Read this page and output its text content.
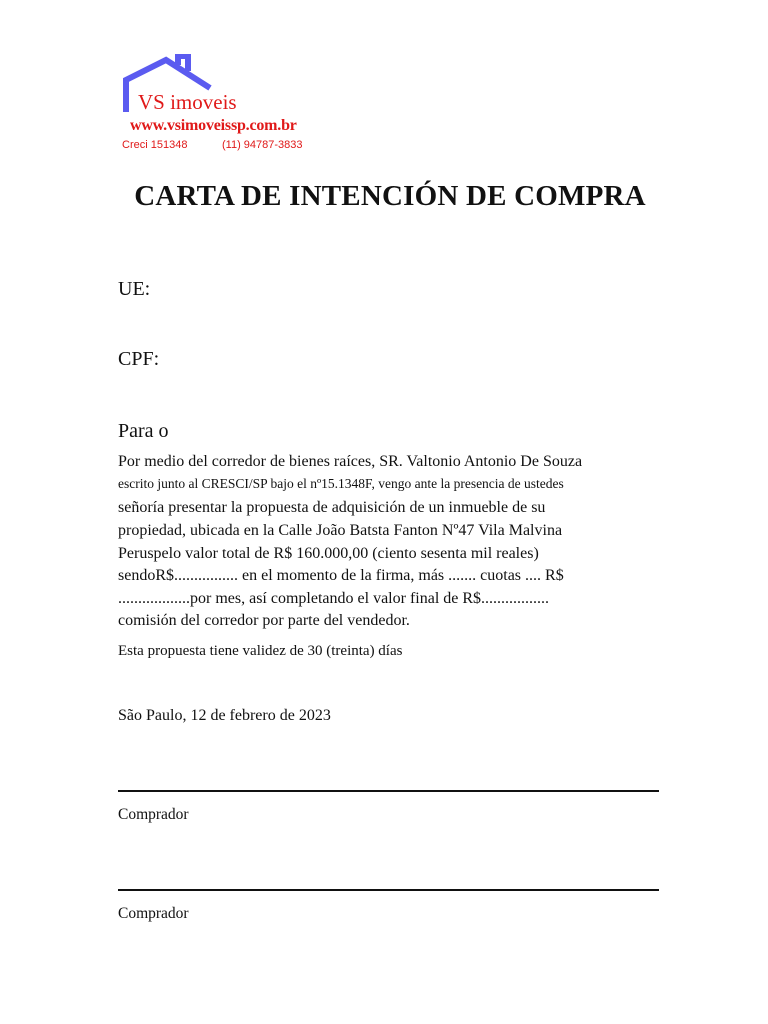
VS imoveis
www.vsimoveissp.com.br
Creci 151348	(11) 94787-3833
CARTA DE INTENCIÓN DE COMPRA
UE:
CPF:
Para o
Por medio del corredor de bienes raíces, SR. Valtonio Antonio De Souza
escrito junto al CRESCI/SP bajo el nº15.1348F, vengo ante la presencia de ustedes
señoría presentar la propuesta de adquisición de un inmueble de su
propiedad, ubicada en la Calle João Batsta Fanton Nº47 Vila Malvina
Peruspelo valor total de R$ 160.000,00 (ciento sesenta mil reales)
sendoR$................ en el momento de la firma, más ....... cuotas .... R$
..................por mes, así completando el valor final de R$.................
comisión del corredor por parte del vendedor.
Esta propuesta tiene validez de 30 (treinta) días
São Paulo, 12 de febrero de 2023
Comprador
Comprador
